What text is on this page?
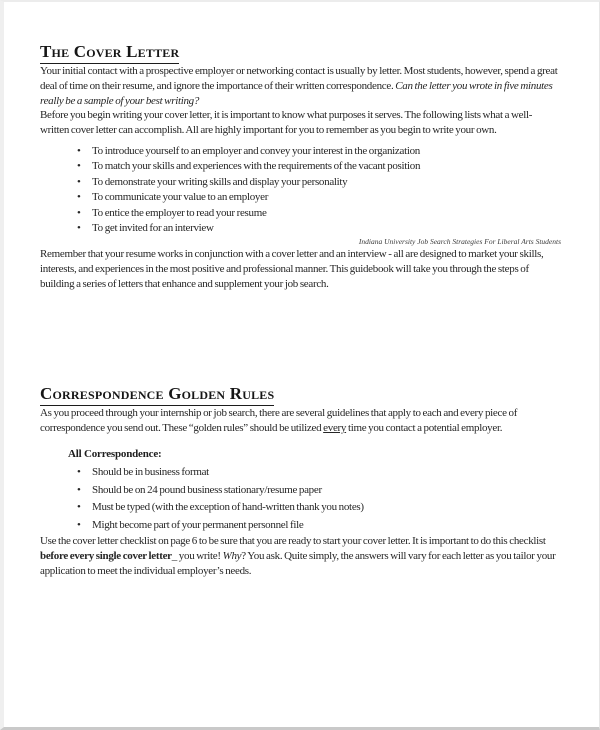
The Cover Letter

Your initial contact with a prospective employer or networking contact is usually by letter. Most students, however, spend a great deal of time on their resume, and ignore the importance of their written correspondence. Can the letter you wrote in five minutes really be a sample of your best writing?

Before you begin writing your cover letter, it is important to know what purposes it serves. The following lists what a well-written cover letter can accomplish. All are highly important for you to remember as you begin to write your own.

• To introduce yourself to an employer and convey your interest in the organization
• To match your skills and experiences with the requirements of the vacant position
• To demonstrate your writing skills and display your personality
• To communicate your value to an employer
• To entice the employer to read your resume
• To get invited for an interview
Indiana University Job Search Strategies For Liberal Arts Students

Remember that your resume works in conjunction with a cover letter and an interview - all are designed to market your skills, interests, and experiences in the most positive and professional manner. This guidebook will take you through the steps of building a series of letters that enhance and supplement your job search.

Correspondence Golden Rules

As you proceed through your internship or job search, there are several guidelines that apply to each and every piece of correspondence you send out. These “golden rules” should be utilized every time you contact a potential employer.

All Correspondence:
• Should be in business format
• Should be on 24 pound business stationary/resume paper
• Must be typed (with the exception of hand-written thank you notes)
• Might become part of your permanent personnel file

Use the cover letter checklist on page 6 to be sure that you are ready to start your cover letter. It is important to do this checklist before every single cover letter_ you write! Why? You ask. Quite simply, the answers will vary for each letter as you tailor your application to meet the individual employer’s needs.
